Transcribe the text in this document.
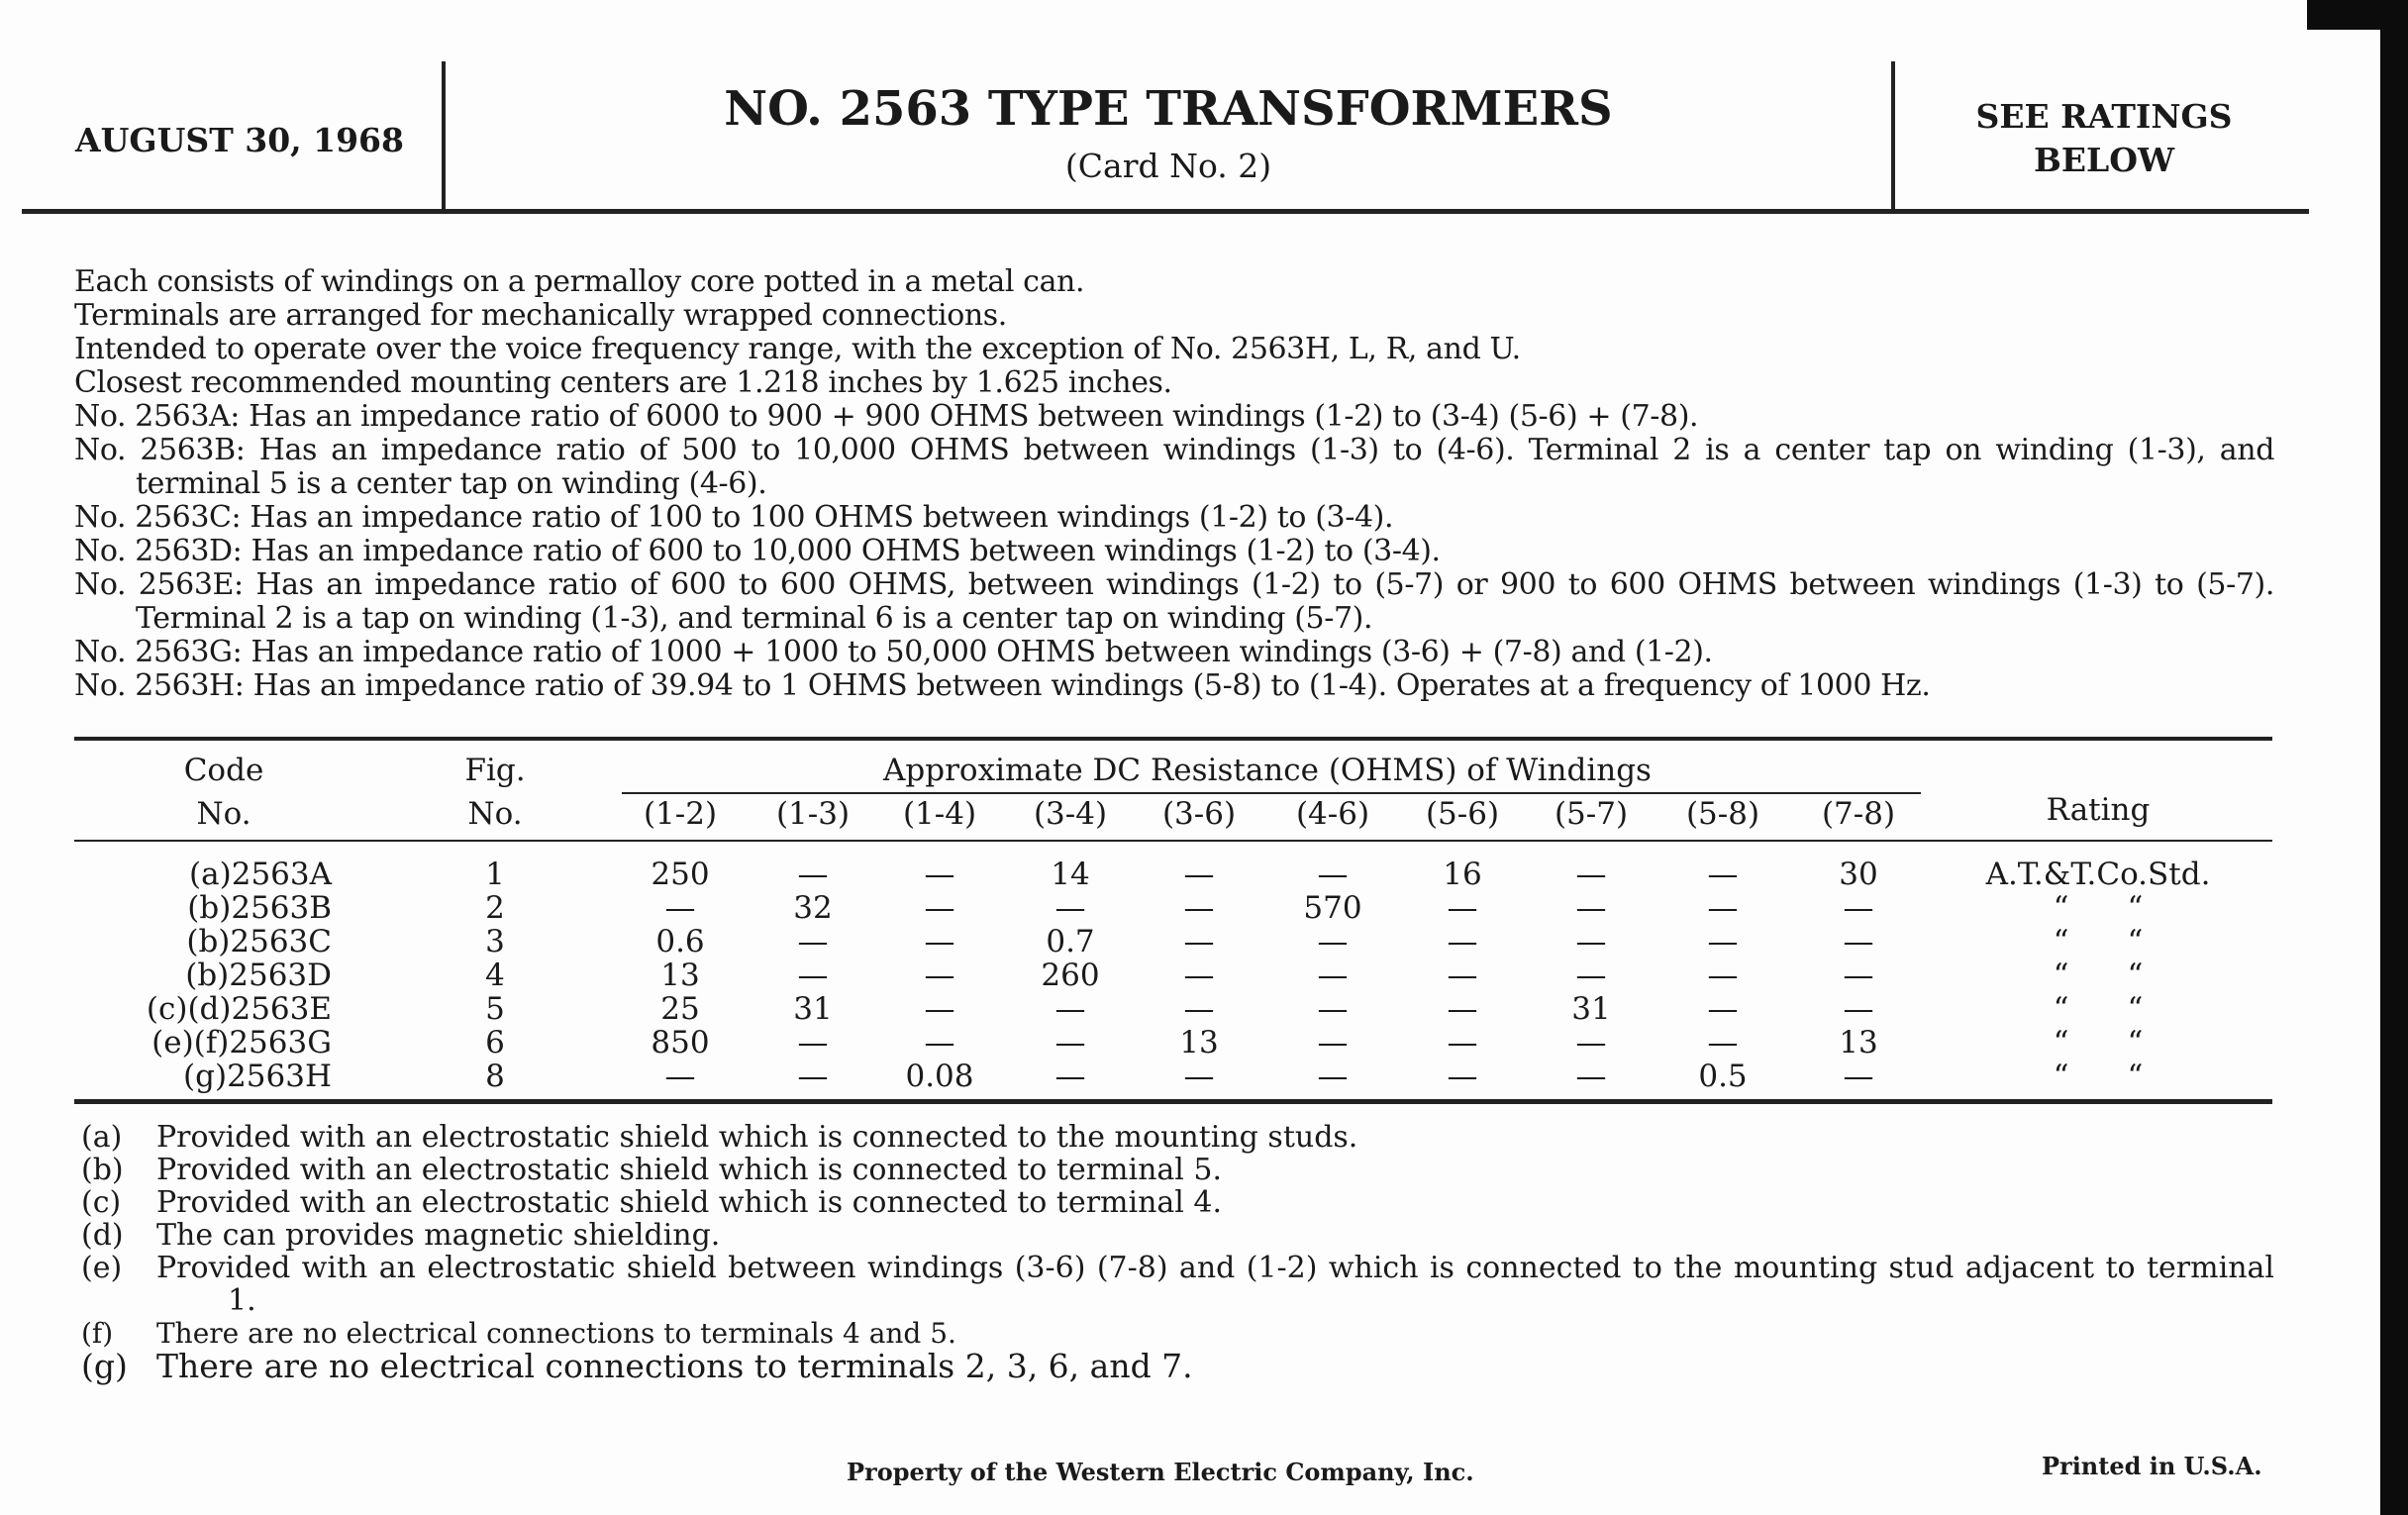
AUGUST 30, 1968
NO. 2563 TYPE TRANSFORMERS
(Card No. 2)
SEE RATINGS
BELOW

Each consists of windings on a permalloy core potted in a metal can.

Terminals are arranged for mechanically wrapped connections.

Intended to operate over the voice frequency range, with the exception of No. 2563H, L, R, and U.

Closest recommended mounting centers are 1.218 inches by 1.625 inches.

No. 2563A: Has an impedance ratio of 6000 to 900 + 900 OHMS between windings (1-2) to (3-4) (5-6) + (7-8).

No. 2563B: Has an impedance ratio of 500 to 10,000 OHMS between windings (1-3) to (4-6). Terminal 2 is a center tap on winding (1-3), and terminal 5 is a center tap on winding (4-6).

No. 2563C: Has an impedance ratio of 100 to 100 OHMS between windings (1-2) to (3-4).

No. 2563D: Has an impedance ratio of 600 to 10,000 OHMS between windings (1-2) to (3-4).

No. 2563E: Has an impedance ratio of 600 to 600 OHMS, between windings (1-2) to (5-7) or 900 to 600 OHMS between windings (1-3) to (5-7). Terminal 2 is a tap on winding (1-3), and terminal 6 is a center tap on winding (5-7).

No. 2563G: Has an impedance ratio of 1000 + 1000 to 50,000 OHMS between windings (3-6) + (7-8) and (1-2).

No. 2563H: Has an impedance ratio of 39.94 to 1 OHMS between windings (5-8) to (1-4). Operates at a frequency of 1000 Hz.

Code
No.
Fig.
No.
Approximate DC Resistance (OHMS) of Windings
(1-2) (1-3) (1-4) (3-4) (3-6) (4-6) (5-6) (5-7) (5-8) (7-8)	Rating
(a)2563A	1	250	—	—	14	—	—	16	—	—	30	A.T.&T.Co.Std.
(b)2563B	2	—	32	—	—	—	570	—	—	—	—	“      “
(b)2563C	3	0.6	—	—	0.7	—	—	—	—	—	—	“      “
(b)2563D	4	13	—	—	260	—	—	—	—	—	—	“      “
(c)(d)2563E	5	25	31	—	—	—	—	—	31	—	—	“      “
(e)(f)2563G	6	850	—	—	—	13	—	—	—	—	13	“      “
(g)2563H	8	—	—	0.08	—	—	—	—	—	0.5	—	“      “
(a)	Provided with an electrostatic shield which is connected to the mounting studs.
(b)	Provided with an electrostatic shield which is connected to terminal 5.
(c)	Provided with an electrostatic shield which is connected to terminal 4.
(d)	The can provides magnetic shielding.
(e)	Provided with an electrostatic shield between windings (3-6) (7-8) and (1-2) which is connected to the mounting stud adjacent to terminal 1.
(f)	There are no electrical connections to terminals 4 and 5.
(g) There are no electrical connections to terminals 2, 3, 6, and 7.
Property of the Western Electric Company, Inc.	Printed in U.S.A.
